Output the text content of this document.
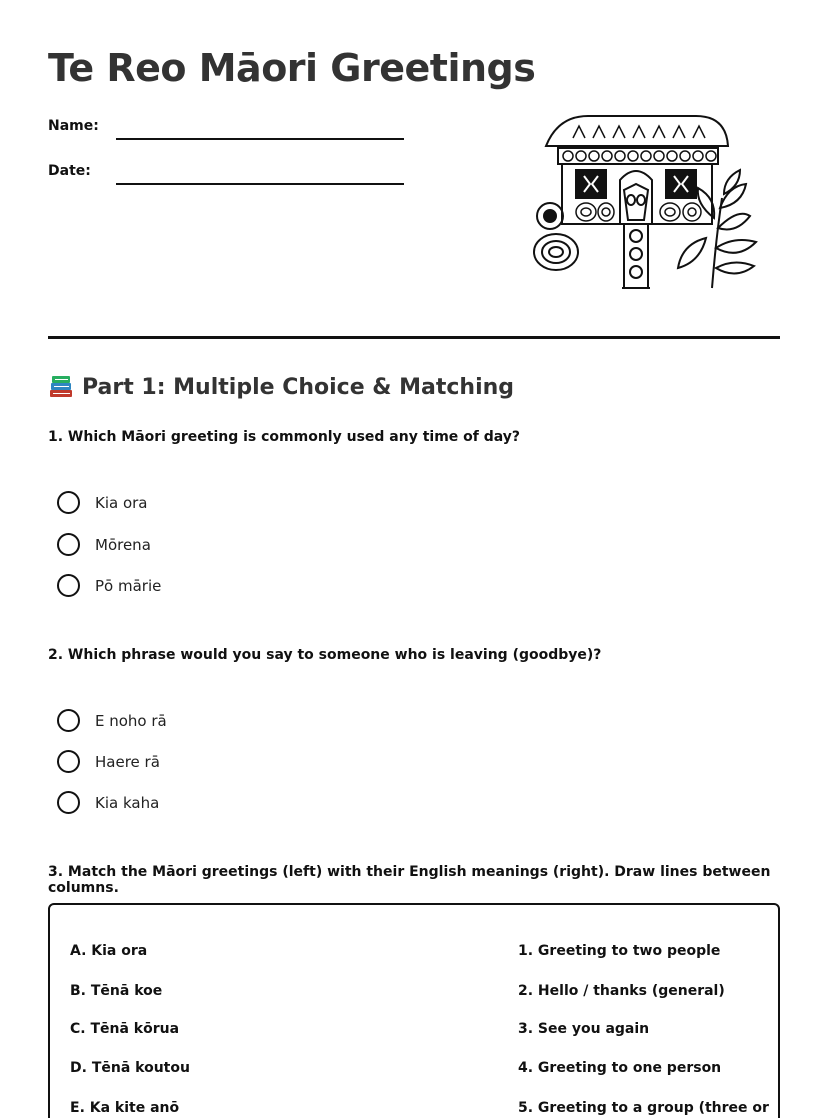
Te Reo Māori Greetings
Name:
Date:
Part 1: Multiple Choice & Matching
1. Which Māori greeting is commonly used any time of day?
Kia ora
Mōrena
Pō mārie
2. Which phrase would you say to someone who is leaving (goodbye)?
E noho rā
Haere rā
Kia kaha
3. Match the Māori greetings (left) with their English meanings (right). Draw lines between columns.
A. Kia ora
B. Tēnā koe
C. Tēnā kōrua
D. Tēnā koutou
E. Ka kite anō
1. Greeting to two people
2. Hello / thanks (general)
3. See you again
4. Greeting to one person
5. Greeting to a group (three or
